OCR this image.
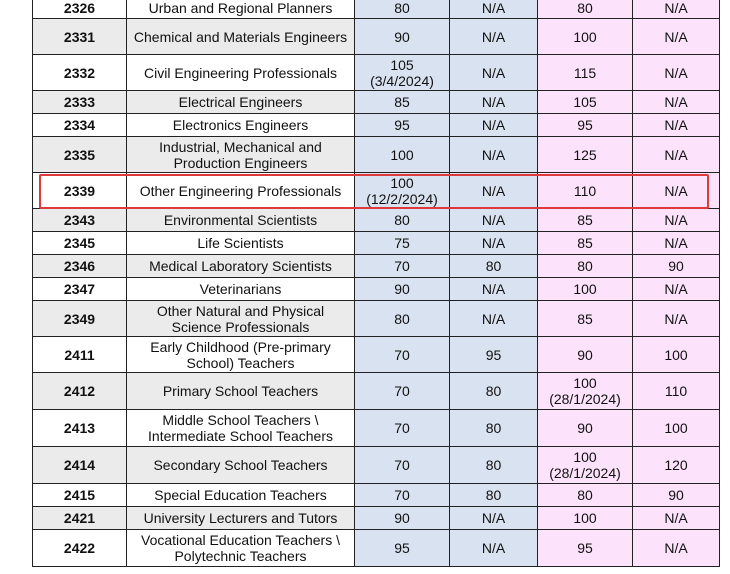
2326	Urban and Regional Planners	80	N/A	80	N/A
2331	Chemical and Materials Engineers	90	N/A	100	N/A
2332	Civil Engineering Professionals	105 (3/4/2024)	N/A	115	N/A
2333	Electrical Engineers	85	N/A	105	N/A
2334	Electronics Engineers	95	N/A	95	N/A
2335	Industrial, Mechanical and Production Engineers	100	N/A	125	N/A
2339	Other Engineering Professionals	100 (12/2/2024)	N/A	110	N/A
2343	Environmental Scientists	80	N/A	85	N/A
2345	Life Scientists	75	N/A	85	N/A
2346	Medical Laboratory Scientists	70	80	80	90
2347	Veterinarians	90	N/A	100	N/A
2349	Other Natural and Physical Science Professionals	80	N/A	85	N/A
2411	Early Childhood (Pre-primary School) Teachers	70	95	90	100
2412	Primary School Teachers	70	80	100 (28/1/2024)	110
2413	Middle School Teachers \ Intermediate School Teachers	70	80	90	100
2414	Secondary School Teachers	70	80	100 (28/1/2024)	120
2415	Special Education Teachers	70	80	80	90
2421	University Lecturers and Tutors	90	N/A	100	N/A
2422	Vocational Education Teachers \ Polytechnic Teachers	95	N/A	95	N/A
